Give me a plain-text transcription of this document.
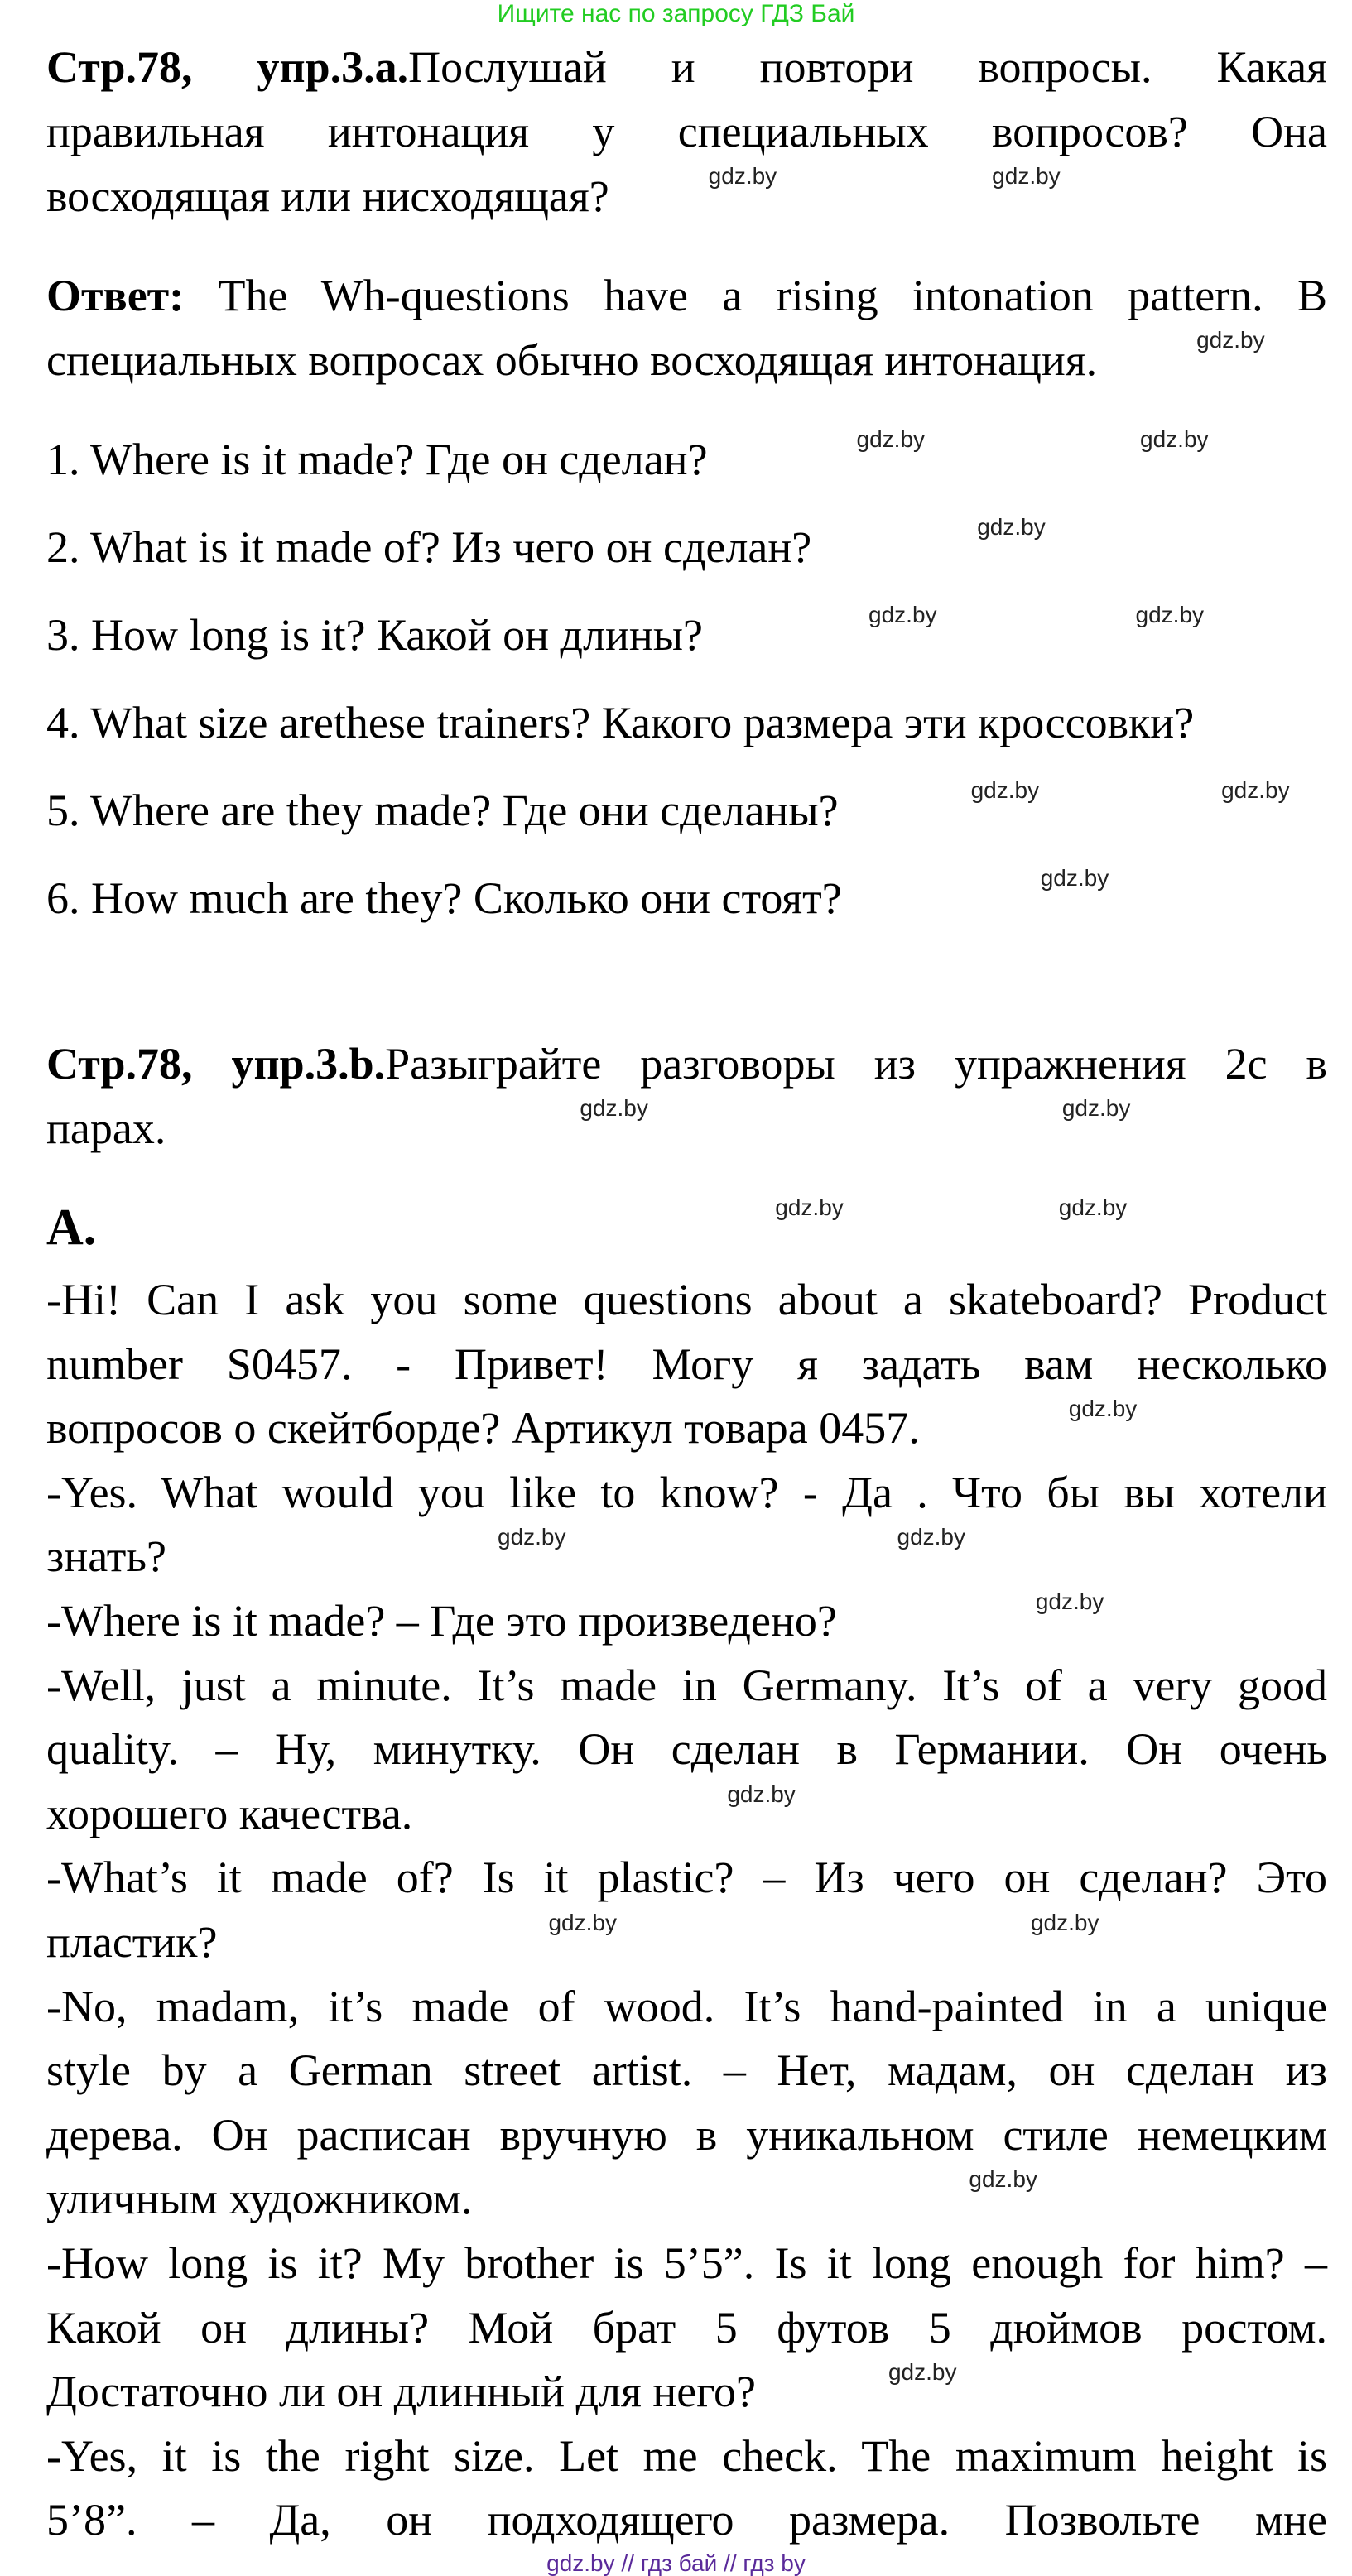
Ищите нас по запросу ГДЗ Бай
Стр.78, упр.3.а.Послушай и повтори вопросы. Какая
правильная интонация у специальных вопросов? Она
восходящая или нисходящая?	gdz.by	gdz.by
Ответ: The Wh-questions have a rising intonation pattern. В
специальных вопросах обычно восходящая интонация.	gdz.by
1. Where is it made? Где он сделан?	gdz.by	gdz.by
2. What is it made of? Из чего он сделан?	gdz.by
3. How long is it? Какой он длины?	gdz.by	gdz.by
4. What size arethese trainers? Какого размера эти кроссовки?
5. Where are they made? Где они сделаны?	gdz.by	gdz.by
6. How much are they? Сколько они стоят?	gdz.by
Стр.78, упр.3.b.Разыграйте разговоры из упражнения 2с в
парах.	gdz.by	gdz.by
A.	gdz.by	gdz.by
-Hi! Can I ask you some questions about a skateboard? Product
number S0457. - Привет! Могу я задать вам несколько
вопросов о скейтборде? Артикул товара 0457.	gdz.by
-Yes. What would you like to know? - Да . Что бы вы хотели
знать?	gdz.by	gdz.by
-Where is it made? – Где это произведено?	gdz.by
-Well, just a minute. It’s made in Germany. It’s of a very good
quality. – Ну, минутку. Он сделан в Германии. Он очень
хорошего качества.	gdz.by
-What’s it made of? Is it plastic? – Из чего он сделан? Это
пластик?	gdz.by	gdz.by
-No, madam, it’s made of wood. It’s hand-painted in a unique
style by a German street artist. – Нет, мадам, он сделан из
дерева. Он расписан вручную в уникальном стиле немецким
уличным художником.	gdz.by
-How long is it? My brother is 5’5”. Is it long enough for him? –
Какой он длины? Мой брат 5 футов 5 дюймов ростом.
Достаточно ли он длинный для него?	gdz.by
-Yes, it is the right size. Let me check. The maximum height is
5’8”. – Да, он подходящего размера. Позвольте мне
gdz.by // гдз бай // гдз by
